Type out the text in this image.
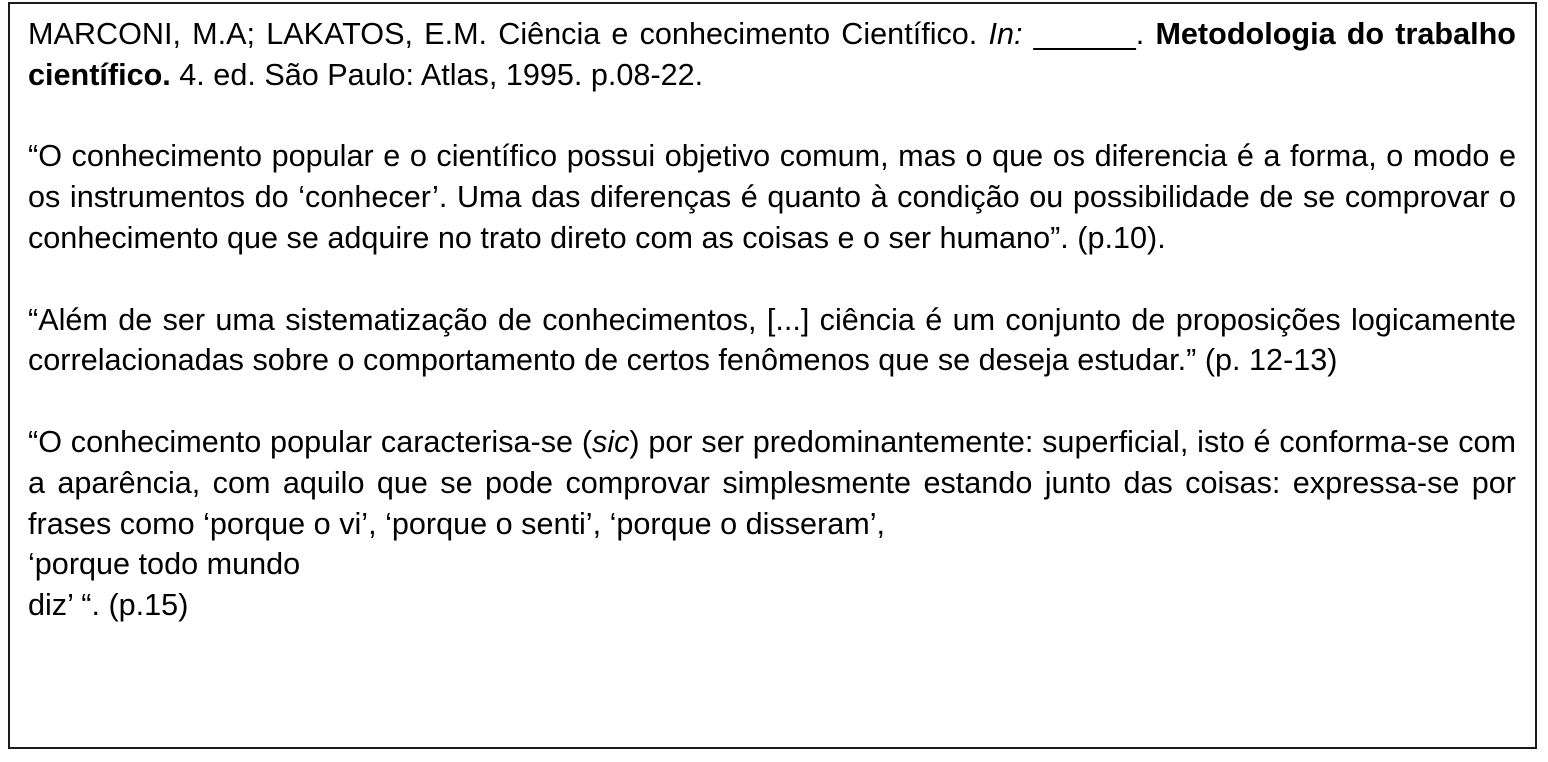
MARCONI, M.A; LAKATOS, E.M. Ciência e conhecimento Científico. In: ______. Metodologia do trabalho científico. 4. ed. São Paulo: Atlas, 1995. p.08-22.

“O conhecimento popular e o científico possui objetivo comum, mas o que os diferencia é a forma, o modo e os instrumentos do ‘conhecer’. Uma das diferenças é quanto à condição ou possibilidade de se comprovar o conhecimento que se adquire no trato direto com as coisas e o ser humano”. (p.10).

“Além de ser uma sistematização de conhecimentos, [...] ciência é um conjunto de proposições logicamente correlacionadas sobre o comportamento de certos fenômenos que se deseja estudar.” (p. 12-13)

“O conhecimento popular caracterisa-se (sic) por ser predominantemente: superficial, isto é conforma-se com a aparência, com aquilo que se pode comprovar simplesmente estando junto das coisas: expressa-se por frases como ‘porque o vi’, ‘porque o senti’, ‘porque o disseram’,
‘porque todo mundo
diz’ “. (p.15)
